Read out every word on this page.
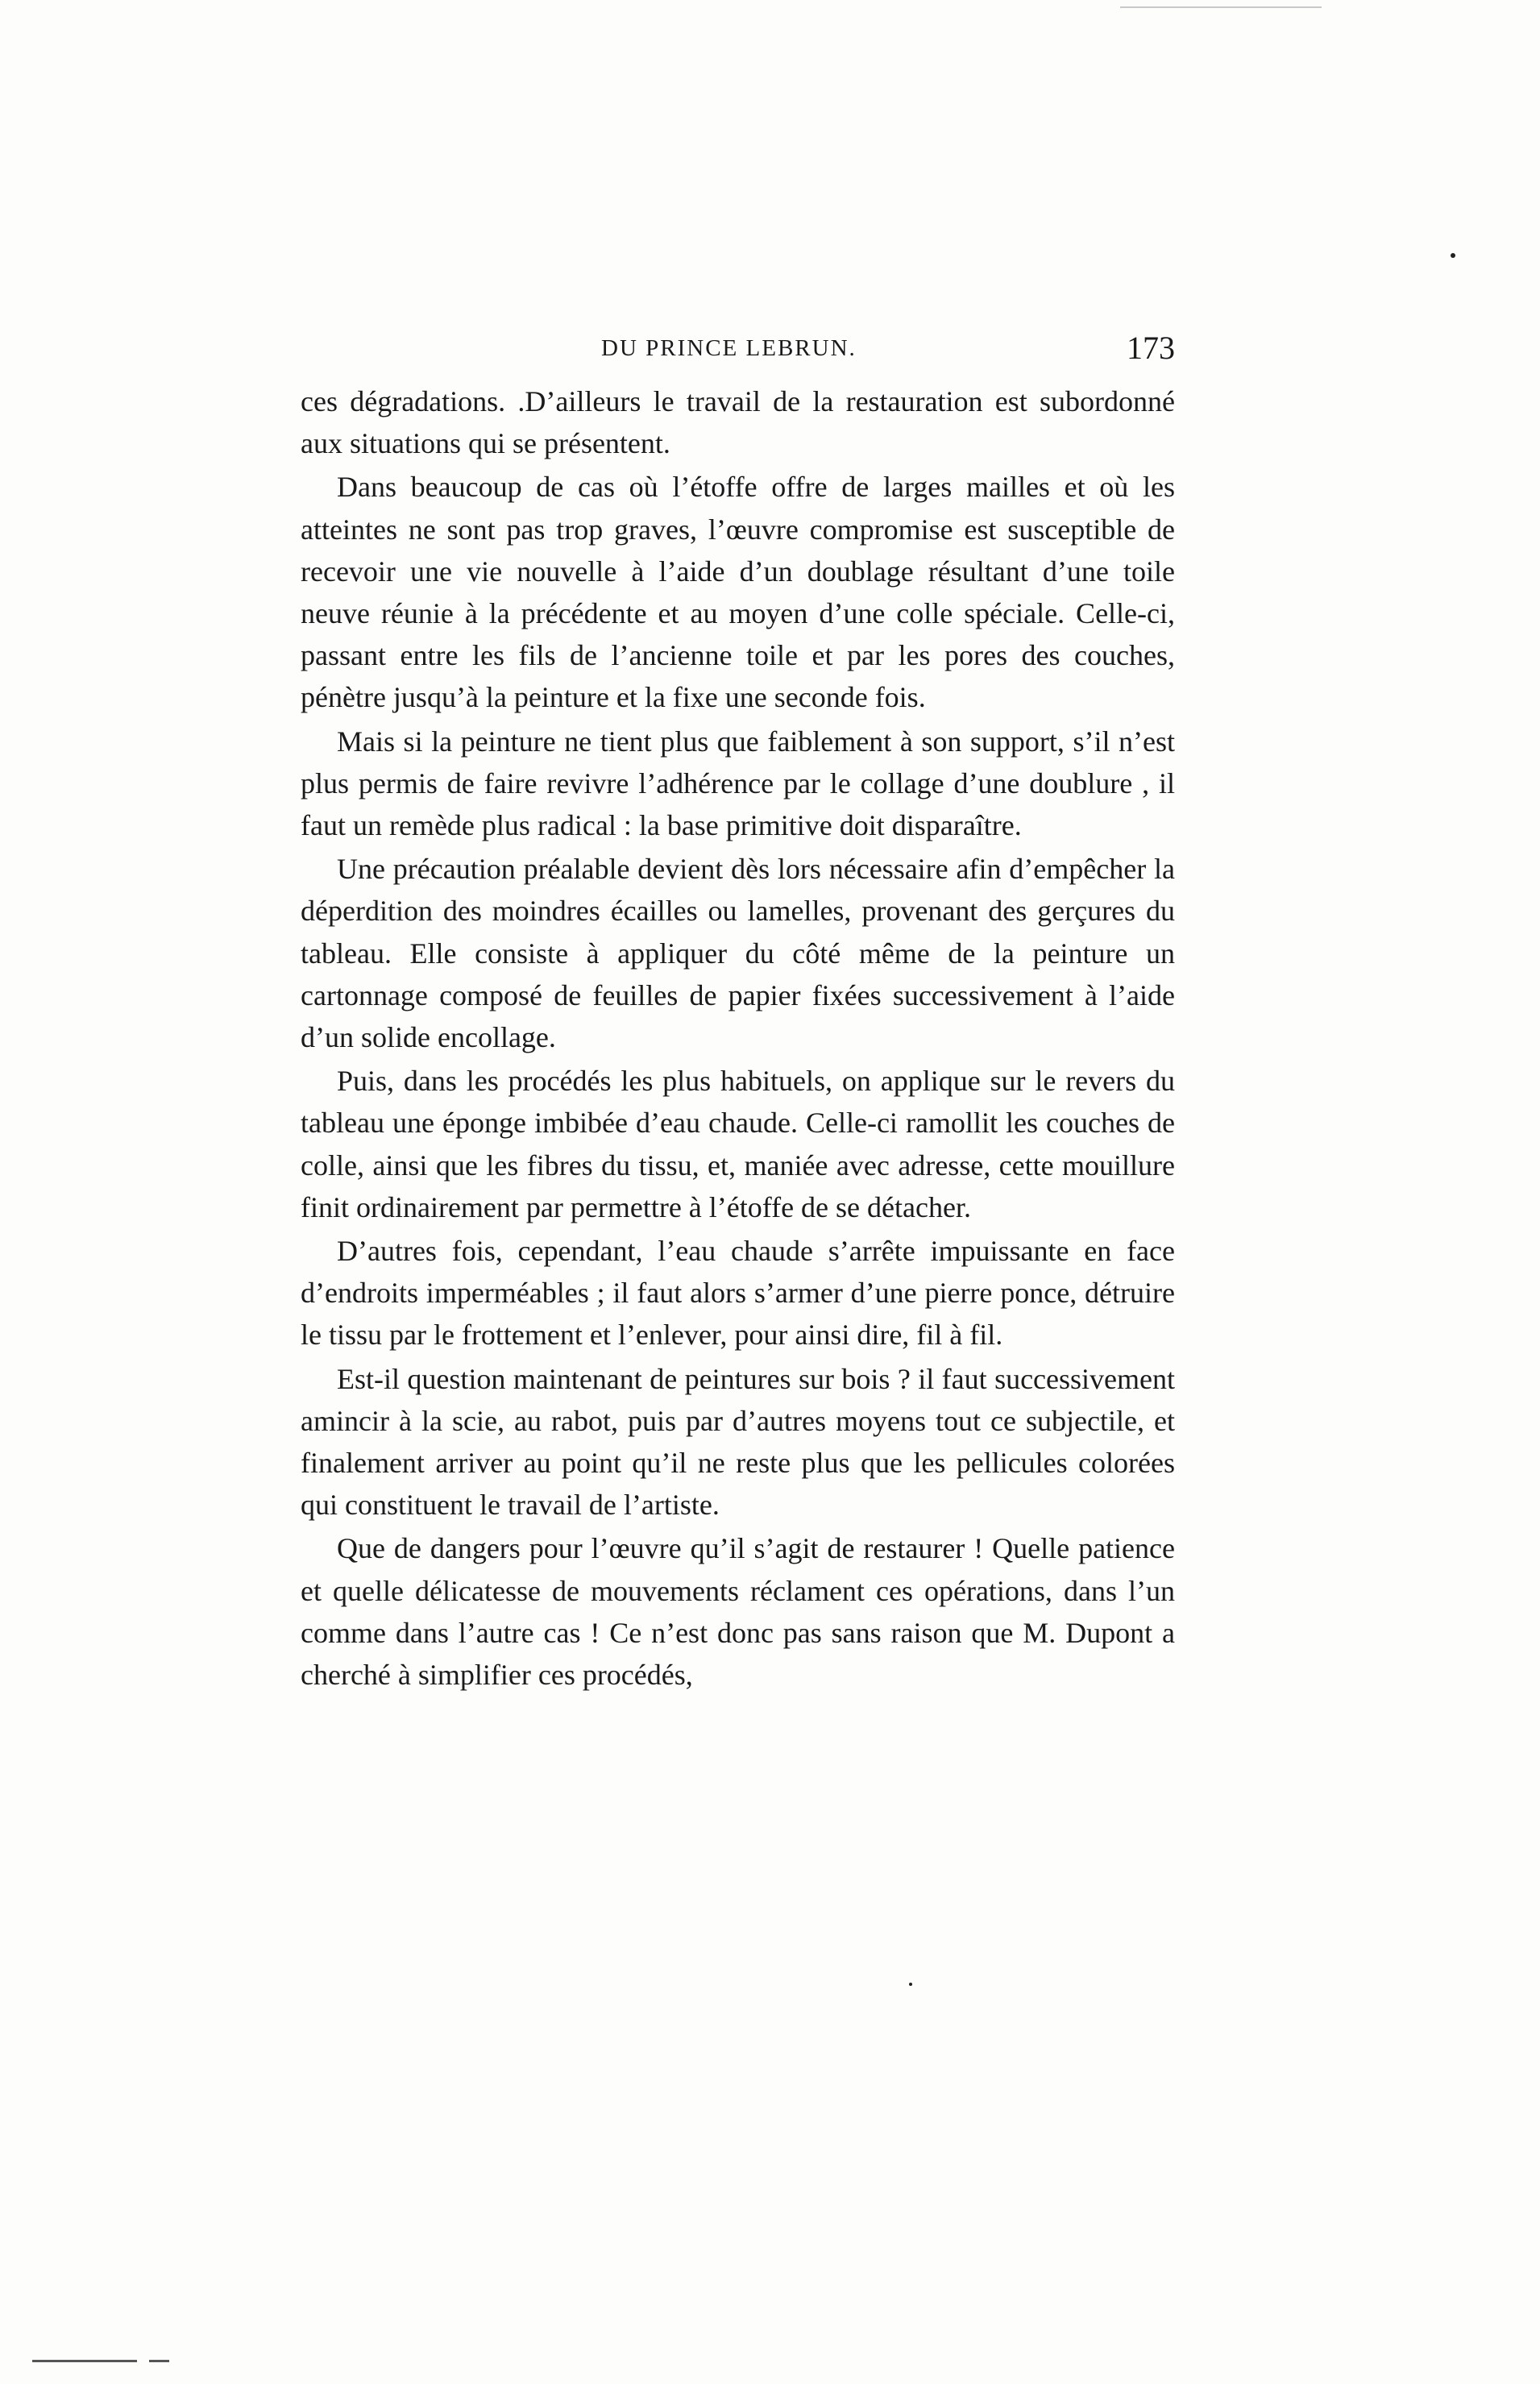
DU PRINCE LEBRUN.	173

ces dégradations. .D’ailleurs le travail de la restauration est subordonné aux situations qui se présentent.

Dans beaucoup de cas où l’étoffe offre de larges mailles et où les atteintes ne sont pas trop graves, l’œuvre compromise est susceptible de recevoir une vie nouvelle à l’aide d’un doublage résultant d’une toile neuve réunie à la précédente et au moyen d’une colle spéciale. Celle-ci, passant entre les fils de l’ancienne toile et par les pores des couches, pénètre jusqu’à la peinture et la fixe une seconde fois.

Mais si la peinture ne tient plus que faiblement à son support, s’il n’est plus permis de faire revivre l’adhérence par le collage d’une doublure , il faut un remède plus radical : la base primitive doit disparaître.

Une précaution préalable devient dès lors nécessaire afin d’empêcher la déperdition des moindres écailles ou lamelles, provenant des gerçures du tableau. Elle consiste à appliquer du côté même de la peinture un cartonnage composé de feuilles de papier fixées successivement à l’aide d’un solide encollage.

Puis, dans les procédés les plus habituels, on applique sur le revers du tableau une éponge imbibée d’eau chaude. Celle-ci ramollit les couches de colle, ainsi que les fibres du tissu, et, maniée avec adresse, cette mouillure finit ordinairement par permettre à l’étoffe de se détacher.

D’autres fois, cependant, l’eau chaude s’arrête impuissante en face d’endroits imperméables ; il faut alors s’armer d’une pierre ponce, détruire le tissu par le frottement et l’enlever, pour ainsi dire, fil à fil.

Est-il question maintenant de peintures sur bois ? il faut successivement amincir à la scie, au rabot, puis par d’autres moyens tout ce subjectile, et finalement arriver au point qu’il ne reste plus que les pellicules colorées qui constituent le travail de l’artiste.

Que de dangers pour l’œuvre qu’il s’agit de restaurer ! Quelle patience et quelle délicatesse de mouvements réclament ces opérations, dans l’un comme dans l’autre cas ! Ce n’est donc pas sans raison que M. Dupont a cherché à simplifier ces procédés,
